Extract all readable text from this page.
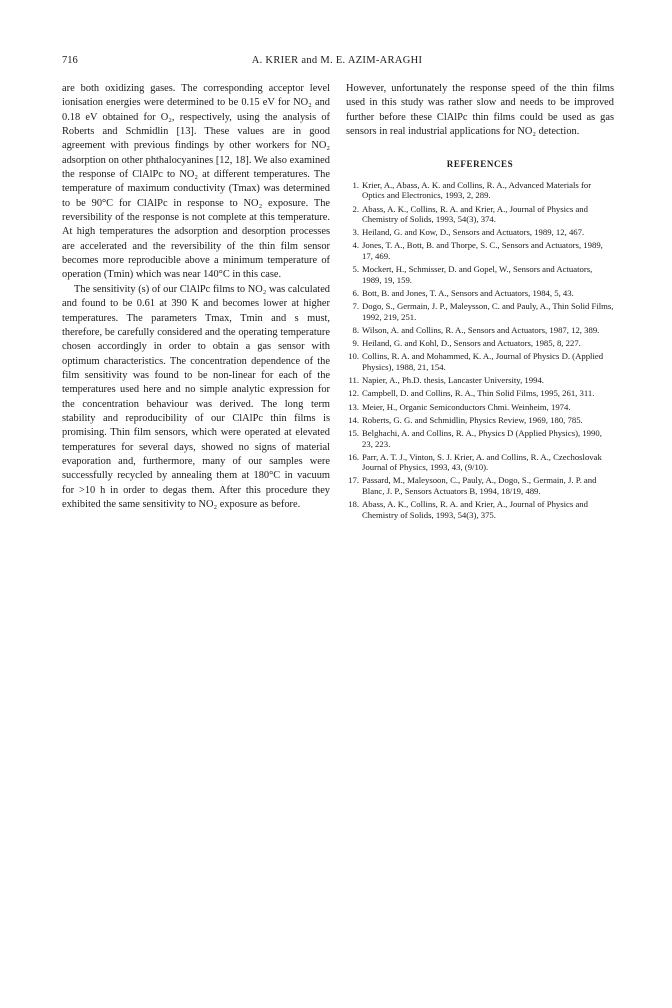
716	A. KRIER and M. E. AZIM-ARAGHI

are both oxidizing gases. The corresponding acceptor level ionisation energies were determined to be 0.15 eV for NO₂ and 0.18 eV obtained for O₂, respectively, using the analysis of Roberts and Schmidlin [13]. These values are in good agreement with previous findings by other workers for NO₂ adsorption on other phthalocyanines [12, 18]. We also examined the response of ClAlPc to NO₂ at different temperatures. The temperature of maximum conductivity (Tmax) was determined to be 90°C for ClAlPc in response to NO₂ exposure. The reversibility of the response is not complete at this temperature. At high temperatures the adsorption and desorption processes are accelerated and the reversibility of the thin film sensor becomes more reproducible above a minimum temperature of operation (Tmin) which was near 140°C in this case.

The sensitivity (s) of our ClAlPc films to NO₂ was calculated and found to be 0.61 at 390 K and becomes lower at higher temperatures. The parameters Tmax, Tmin and s must, therefore, be carefully considered and the operating temperature chosen accordingly in order to obtain a gas sensor with optimum characteristics. The concentration dependence of the film sensitivity was found to be non-linear for each of the temperatures used here and no simple analytic expression for the concentration behaviour was derived. The long term stability and reproducibility of our ClAlPc thin films is promising. Thin film sensors, which were operated at elevated temperatures for several days, showed no signs of material evaporation and, furthermore, many of our samples were successfully recycled by annealing them at 180°C in vacuum for >10 h in order to degas them. After this procedure they exhibited the same sensitivity to NO₂ exposure as before.

However, unfortunately the response speed of the thin films used in this study was rather slow and needs to be improved further before these ClAlPc thin films could be used as gas sensors in real industrial applications for NO₂ detection.

REFERENCES
1. Krier, A., Abass, A. K. and Collins, R. A., Advanced Materials for Optics and Electronics, 1993, 2, 289.
2. Abass, A. K., Collins, R. A. and Krier, A., Journal of Physics and Chemistry of Solids, 1993, 54(3), 374.
3. Heiland, G. and Kow, D., Sensors and Actuators, 1989, 12, 467.
4. Jones, T. A., Bott, B. and Thorpe, S. C., Sensors and Actuators, 1989, 17, 469.
5. Mockert, H., Schmisser, D. and Gopel, W., Sensors and Actuators, 1989, 19, 159.
6. Bott, B. and Jones, T. A., Sensors and Actuators, 1984, 5, 43.
7. Dogo, S., Germain, J. P., Maleysson, C. and Pauly, A., Thin Solid Films, 1992, 219, 251.
8. Wilson, A. and Collins, R. A., Sensors and Actuators, 1987, 12, 389.
9. Heiland, G. and Kohl, D., Sensors and Actuators, 1985, 8, 227.
10. Collins, R. A. and Mohammed, K. A., Journal of Physics D. (Applied Physics), 1988, 21, 154.
11. Napier, A., Ph.D. thesis, Lancaster University, 1994.
12. Campbell, D. and Collins, R. A., Thin Solid Films, 1995, 261, 311.
13. Meier, H., Organic Semiconductors Chmi. Weinheim, 1974.
14. Roberts, G. G. and Schmidlin, Physics Review, 1969, 180, 785.
15. Belghachi, A. and Collins, R. A., Physics D (Applied Physics), 1990, 23, 223.
16. Parr, A. T. J., Vinton, S. J. Krier, A. and Collins, R. A., Czechoslovak Journal of Physics, 1993, 43, (9/10).
17. Passard, M., Maleysoon, C., Pauly, A., Dogo, S., Germain, J. P. and Blanc, J. P., Sensors Actuators B, 1994, 18/19, 489.
18. Abass, A. K., Collins, R. A. and Krier, A., Journal of Physics and Chemistry of Solids, 1993, 54(3), 375.
